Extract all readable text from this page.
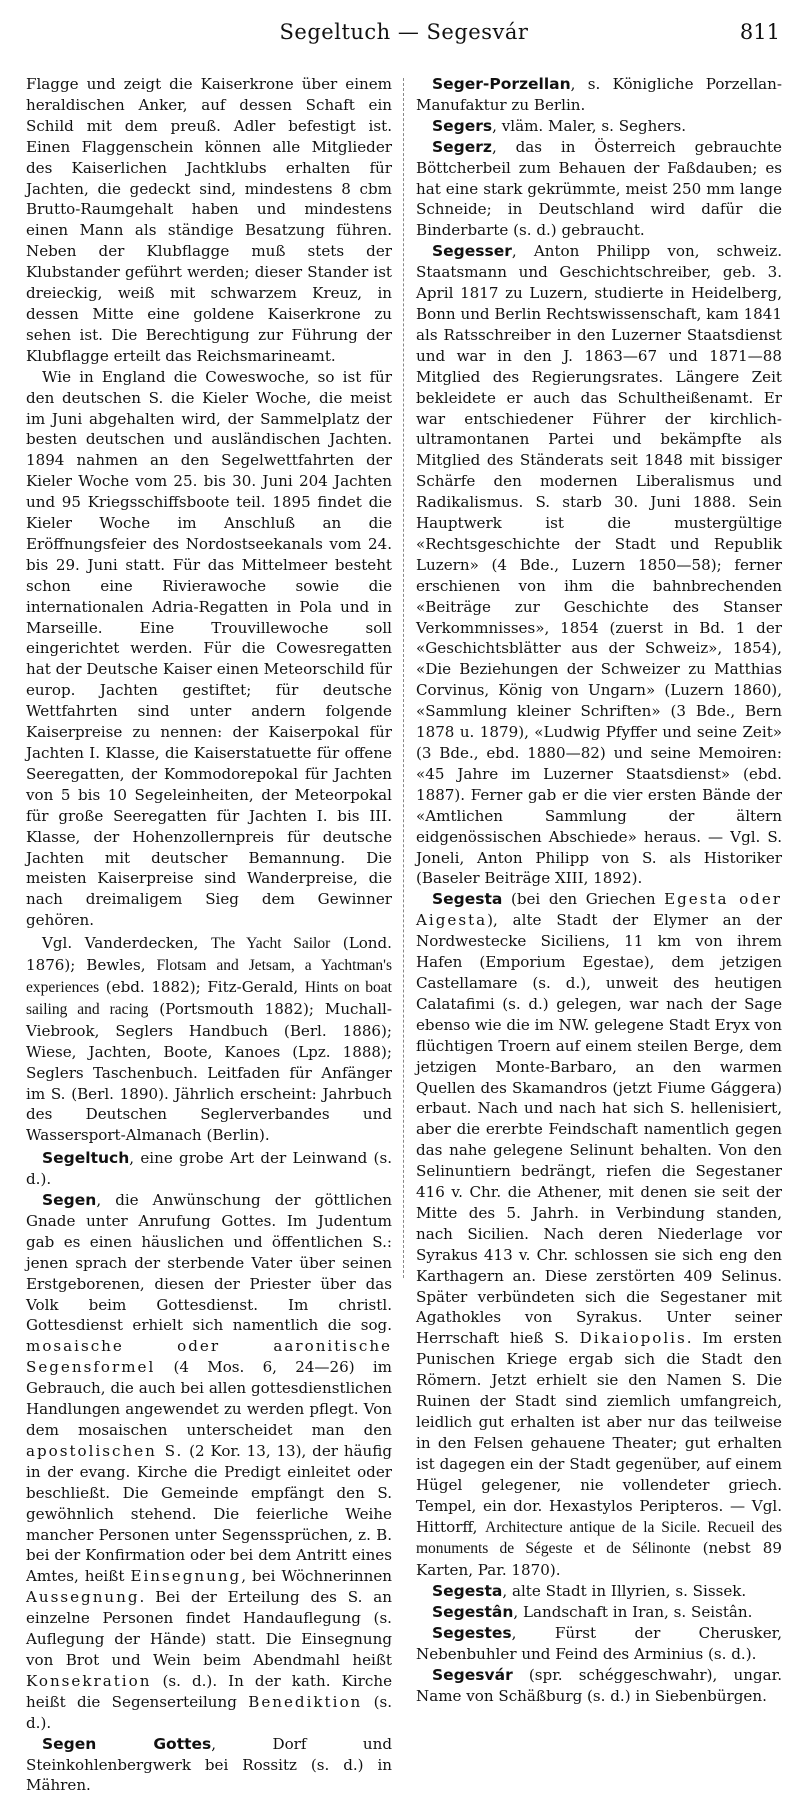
Segeltuch — Segesvár	811

Flagge und zeigt die Kaiserkrone über einem heraldischen Anker, auf dessen Schaft ein Schild mit dem preuß. Adler befestigt ist. Einen Flaggenschein können alle Mitglieder des Kaiserlichen Jachtklubs erhalten für Jachten, die gedeckt sind, mindestens 8 cbm Brutto-Raumgehalt haben und mindestens einen Mann als ständige Besatzung führen. Neben der Klubflagge muß stets der Klubstander geführt werden; dieser Stander ist dreieckig, weiß mit schwarzem Kreuz, in dessen Mitte eine goldene Kaiserkrone zu sehen ist. Die Berechtigung zur Führung der Klubflagge erteilt das Reichsmarineamt.

Wie in England die Coweswoche, so ist für den deutschen S. die Kieler Woche, die meist im Juni abgehalten wird, der Sammelplatz der besten deutschen und ausländischen Jachten. 1894 nahmen an den Segelwettfahrten der Kieler Woche vom 25. bis 30. Juni 204 Jachten und 95 Kriegsschiffsboote teil. 1895 findet die Kieler Woche im Anschluß an die Eröffnungsfeier des Nordostseekanals vom 24. bis 29. Juni statt. Für das Mittelmeer besteht schon eine Rivierawoche sowie die internationalen Adria-Regatten in Pola und in Marseille. Eine Trouvillewoche soll eingerichtet werden. Für die Cowesregatten hat der Deutsche Kaiser einen Meteorschild für europ. Jachten gestiftet; für deutsche Wettfahrten sind unter andern folgende Kaiserpreise zu nennen: der Kaiserpokal für Jachten I. Klasse, die Kaiserstatuette für offene Seeregatten, der Kommodorepokal für Jachten von 5 bis 10 Segeleinheiten, der Meteorpokal für große Seeregatten für Jachten I. bis III. Klasse, der Hohenzollernpreis für deutsche Jachten mit deutscher Bemannung. Die meisten Kaiserpreise sind Wanderpreise, die nach dreimaligem Sieg dem Gewinner gehören.

Vgl. Vanderdecken, The Yacht Sailor (Lond. 1876); Bewles, Flotsam and Jetsam, a Yachtman's experiences (ebd. 1882); Fitz-Gerald, Hints on boat sailing and racing (Portsmouth 1882); Muchall-Viebrook, Seglers Handbuch (Berl. 1886); Wiese, Jachten, Boote, Kanoes (Lpz. 1888); Seglers Taschenbuch. Leitfaden für Anfänger im S. (Berl. 1890). Jährlich erscheint: Jahrbuch des Deutschen Seglerverbandes und Wassersport-Almanach (Berlin).

Segeltuch, eine grobe Art der Leinwand (s. d.).

Segen, die Anwünschung der göttlichen Gnade unter Anrufung Gottes. Im Judentum gab es einen häuslichen und öffentlichen S.: jenen sprach der sterbende Vater über seinen Erstgeborenen, diesen der Priester über das Volk beim Gottesdienst. Im christl. Gottesdienst erhielt sich namentlich die sog. mosaische oder aaronitische Segensformel (4 Mos. 6, 24—26) im Gebrauch, die auch bei allen gottesdienstlichen Handlungen angewendet zu werden pflegt. Von dem mosaischen unterscheidet man den apostolischen S. (2 Kor. 13, 13), der häufig in der evang. Kirche die Predigt einleitet oder beschließt. Die Gemeinde empfängt den S. gewöhnlich stehend. Die feierliche Weihe mancher Personen unter Segenssprüchen, z. B. bei der Konfirmation oder bei dem Antritt eines Amtes, heißt Einsegnung, bei Wöchnerinnen Aussegnung. Bei der Erteilung des S. an einzelne Personen findet Handauflegung (s. Auflegung der Hände) statt. Die Einsegnung von Brot und Wein beim Abendmahl heißt Konsekration (s. d.). In der kath. Kirche heißt die Segenserteilung Benediktion (s. d.).

Segen Gottes, Dorf und Steinkohlenbergwerk bei Rossitz (s. d.) in Mähren.

Seger-Porzellan, s. Königliche Porzellan-Manufaktur zu Berlin.

Segers, vläm. Maler, s. Seghers.

Segerz, das in Österreich gebrauchte Böttcherbeil zum Behauen der Faßdauben; es hat eine stark gekrümmte, meist 250 mm lange Schneide; in Deutschland wird dafür die Binderbarte (s. d.) gebraucht.

Segesser, Anton Philipp von, schweiz. Staatsmann und Geschichtschreiber, geb. 3. April 1817 zu Luzern, studierte in Heidelberg, Bonn und Berlin Rechtswissenschaft, kam 1841 als Ratsschreiber in den Luzerner Staatsdienst und war in den J. 1863—67 und 1871—88 Mitglied des Regierungsrates. Längere Zeit bekleidete er auch das Schultheißenamt. Er war entschiedener Führer der kirchlich-ultramontanen Partei und bekämpfte als Mitglied des Ständerats seit 1848 mit bissiger Schärfe den modernen Liberalismus und Radikalismus. S. starb 30. Juni 1888. Sein Hauptwerk ist die mustergültige «Rechtsgeschichte der Stadt und Republik Luzern» (4 Bde., Luzern 1850—58); ferner erschienen von ihm die bahnbrechenden «Beiträge zur Geschichte des Stanser Verkommnisses», 1854 (zuerst in Bd. 1 der «Geschichtsblätter aus der Schweiz», 1854), «Die Beziehungen der Schweizer zu Matthias Corvinus, König von Ungarn» (Luzern 1860), «Sammlung kleiner Schriften» (3 Bde., Bern 1878 u. 1879), «Ludwig Pfyffer und seine Zeit» (3 Bde., ebd. 1880—82) und seine Memoiren: «45 Jahre im Luzerner Staatsdienst» (ebd. 1887). Ferner gab er die vier ersten Bände der «Amtlichen Sammlung der ältern eidgenössischen Abschiede» heraus. — Vgl. S. Joneli, Anton Philipp von S. als Historiker (Baseler Beiträge XIII, 1892).

Segesta (bei den Griechen Egesta oder Aigesta), alte Stadt der Elymer an der Nordwestecke Siciliens, 11 km von ihrem Hafen (Emporium Egestae), dem jetzigen Castellamare (s. d.), unweit des heutigen Calatafimi (s. d.) gelegen, war nach der Sage ebenso wie die im NW. gelegene Stadt Eryx von flüchtigen Troern auf einem steilen Berge, dem jetzigen Monte-Barbaro, an den warmen Quellen des Skamandros (jetzt Fiume Gággera) erbaut. Nach und nach hat sich S. hellenisiert, aber die ererbte Feindschaft namentlich gegen das nahe gelegene Selinunt behalten. Von den Selinuntiern bedrängt, riefen die Segestaner 416 v. Chr. die Athener, mit denen sie seit der Mitte des 5. Jahrh. in Verbindung standen, nach Sicilien. Nach deren Niederlage vor Syrakus 413 v. Chr. schlossen sie sich eng den Karthagern an. Diese zerstörten 409 Selinus. Später verbündeten sich die Segestaner mit Agathokles von Syrakus. Unter seiner Herrschaft hieß S. Dikaiopolis. Im ersten Punischen Kriege ergab sich die Stadt den Römern. Jetzt erhielt sie den Namen S. Die Ruinen der Stadt sind ziemlich umfangreich, leidlich gut erhalten ist aber nur das teilweise in den Felsen gehauene Theater; gut erhalten ist dagegen ein der Stadt gegenüber, auf einem Hügel gelegener, nie vollendeter griech. Tempel, ein dor. Hexastylos Peripteros. — Vgl. Hittorff, Architecture antique de la Sicile. Recueil des monuments de Ségeste et de Sélinonte (nebst 89 Karten, Par. 1870).

Segesta, alte Stadt in Illyrien, s. Sissek.

Segestân, Landschaft in Iran, s. Seistân.

Segestes, Fürst der Cherusker, Nebenbuhler und Feind des Arminius (s. d.).

Segesvár (spr. schéggeschwahr), ungar. Name von Schäßburg (s. d.) in Siebenbürgen.
